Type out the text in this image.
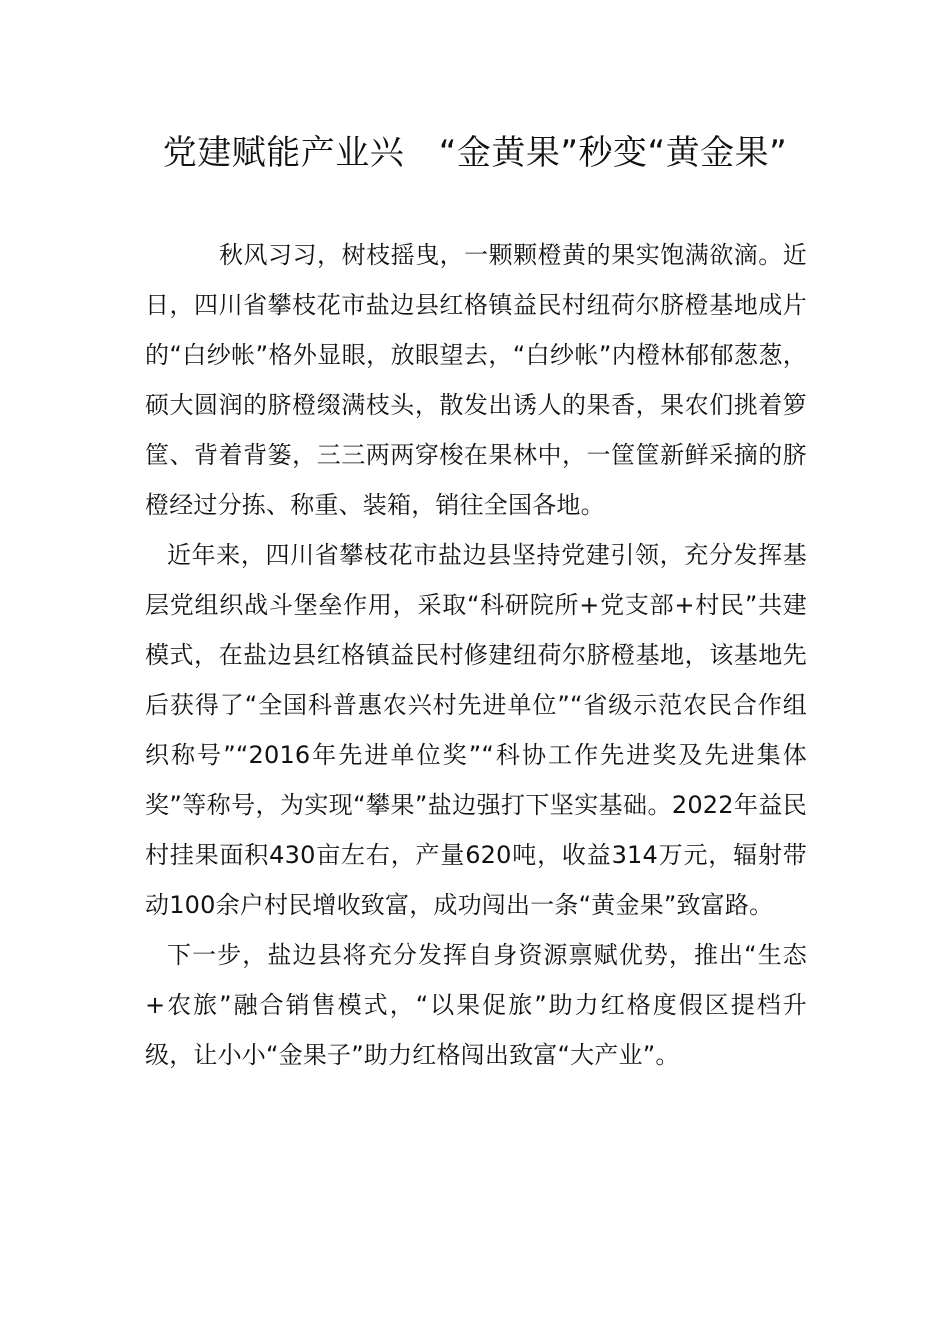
党建赋能产业兴　“金黄果”秒变“黄金果”

秋风习习，树枝摇曳，一颗颗橙黄的果实饱满欲滴。近日，四川省攀枝花市盐边县红格镇益民村纽荷尔脐橙基地成片的“白纱帐”格外显眼，放眼望去，“白纱帐”内橙林郁郁葱葱，硕大圆润的脐橙缀满枝头，散发出诱人的果香，果农们挑着箩筐、背着背篓，三三两两穿梭在果林中，一筐筐新鲜采摘的脐橙经过分拣、称重、装箱，销往全国各地。

近年来，四川省攀枝花市盐边县坚持党建引领，充分发挥基层党组织战斗堡垒作用，采取“科研院所+党支部+村民”共建模式，在盐边县红格镇益民村修建纽荷尔脐橙基地，该基地先后获得了“全国科普惠农兴村先进单位”“省级示范农民合作组织称号”“2016年先进单位奖”“科协工作先进奖及先进集体奖”等称号，为实现“攀果”盐边强打下坚实基础。2022年益民村挂果面积430亩左右，产量620吨，收益314万元，辐射带动100余户村民增收致富，成功闯出一条“黄金果”致富路。

下一步，盐边县将充分发挥自身资源禀赋优势，推出“生态+农旅”融合销售模式，“以果促旅”助力红格度假区提档升级，让小小“金果子”助力红格闯出致富“大产业”。
